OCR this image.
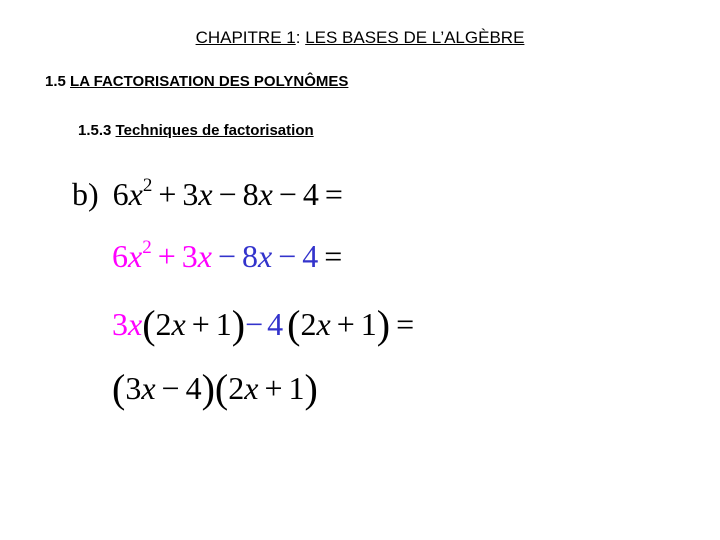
CHAPITRE 1: LES BASES DE L’ALGÈBRE
1.5 LA FACTORISATION DES POLYNÔMES
1.5.3 Techniques de factorisation
b) $6x^2 + 3x - 8x - 4$ =
$6x^2 + 3x - 8x - 4$ =
3x(2x + 1)− 4 (2x + 1) =
(3x − 4)(2x + 1)
